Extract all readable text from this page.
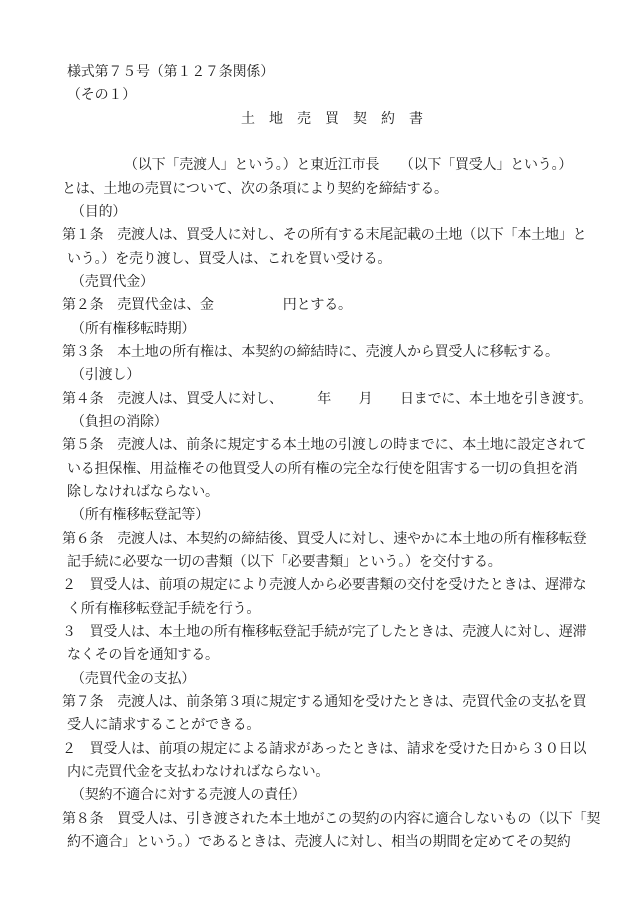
様式第７５号（第１２７条関係）
（その１）
土　地　売　買　契　約　書
　　　　　（以下「売渡人」という。）と東近江市長　　（以下「買受人」という。）
とは、土地の売買について、次の条項により契約を締結する。
（目的）
第１条　売渡人は、買受人に対し、その所有する末尾記載の土地（以下「本土地」と
いう。）を売り渡し、買受人は、これを買い受ける。
（売買代金）
第２条　売買代金は、金　　　　　円とする。
（所有権移転時期）
第３条　本土地の所有権は、本契約の締結時に、売渡人から買受人に移転する。
（引渡し）
第４条　売渡人は、買受人に対し、　　　年　　月　　日までに、本土地を引き渡す。
（負担の消除）
第５条　売渡人は、前条に規定する本土地の引渡しの時までに、本土地に設定されて
いる担保権、用益権その他買受人の所有権の完全な行使を阻害する一切の負担を消
除しなければならない。
（所有権移転登記等）
第６条　売渡人は、本契約の締結後、買受人に対し、速やかに本土地の所有権移転登
記手続に必要な一切の書類（以下「必要書類」という。）を交付する。
２　買受人は、前項の規定により売渡人から必要書類の交付を受けたときは、遅滞な
く所有権移転登記手続を行う。
３　買受人は、本土地の所有権移転登記手続が完了したときは、売渡人に対し、遅滞
なくその旨を通知する。
（売買代金の支払）
第７条　売渡人は、前条第３項に規定する通知を受けたときは、売買代金の支払を買
受人に請求することができる。
２　買受人は、前項の規定による請求があったときは、請求を受けた日から３０日以
内に売買代金を支払わなければならない。
（契約不適合に対する売渡人の責任）
第８条　買受人は、引き渡された本土地がこの契約の内容に適合しないもの（以下「契
約不適合」という。）であるときは、売渡人に対し、相当の期間を定めてその契約
